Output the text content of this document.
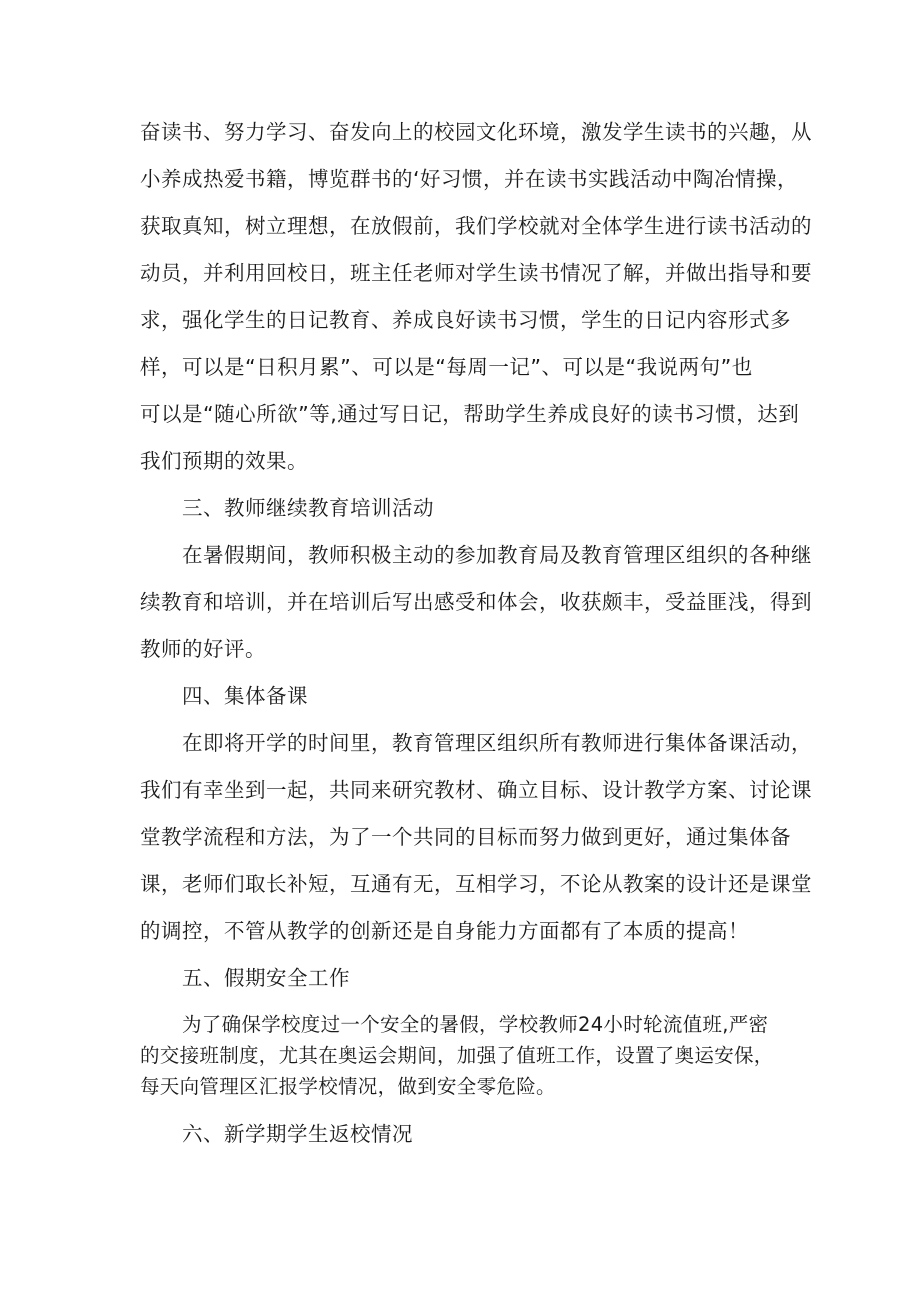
奋读书、努力学习、奋发向上的校园文化环境，激发学生读书的兴趣，从
小养成热爱书籍，博览群书的‘好习惯，并在读书实践活动中陶冶情操，
获取真知，树立理想，在放假前，我们学校就对全体学生进行读书活动的
动员，并利用回校日，班主任老师对学生读书情况了解，并做出指导和要
求，强化学生的日记教育、养成良好读书习惯，学生的日记内容形式多
样，可以是“日积月累”、可以是“每周一记”、可以是“我说两句”也
可以是“随心所欲”等,通过写日记，帮助学生养成良好的读书习惯，达到
我们预期的效果。
三、教师继续教育培训活动
在暑假期间，教师积极主动的参加教育局及教育管理区组织的各种继
续教育和培训，并在培训后写出感受和体会，收获颇丰，受益匪浅，得到
教师的好评。
四、集体备课
在即将开学的时间里，教育管理区组织所有教师进行集体备课活动，
我们有幸坐到一起，共同来研究教材、确立目标、设计教学方案、讨论课
堂教学流程和方法，为了一个共同的目标而努力做到更好，通过集体备
课，老师们取长补短，互通有无，互相学习，不论从教案的设计还是课堂
的调控，不管从教学的创新还是自身能力方面都有了本质的提高！
五、假期安全工作
为了确保学校度过一个安全的暑假，学校教师24小时轮流值班,严密
的交接班制度，尤其在奥运会期间，加强了值班工作，设置了奥运安保，
每天向管理区汇报学校情况，做到安全零危险。
六、新学期学生返校情况
